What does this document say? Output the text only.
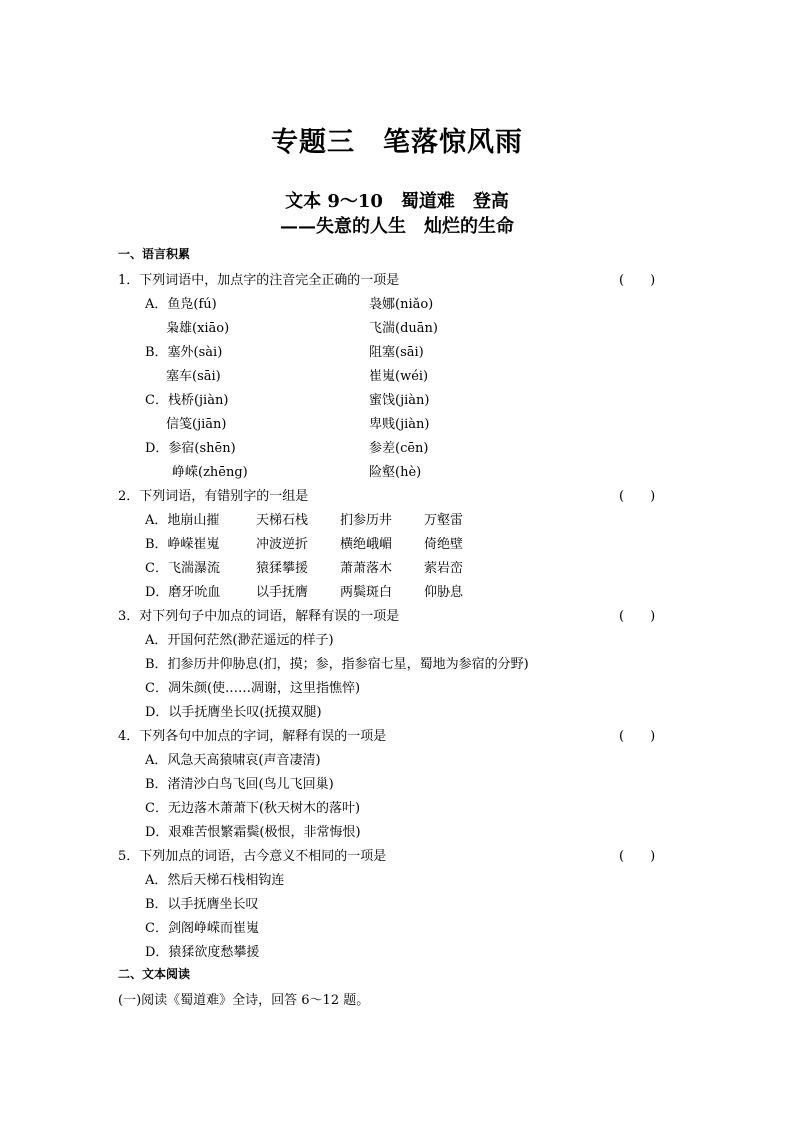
专题三　笔落惊风雨
文本 9～10　蜀道难　登高
——失意的人生　灿烂的生命
一、语言积累
1．下列词语中，加点字的注音完全正确的一项是	(　　)
A．鱼凫(fú)	袅娜(niǎo)
枭雄(xiāo)	飞湍(duān)
B．塞外(sài)	阻塞(sāi)
塞车(sāi)	崔嵬(wéi)
C．栈桥(jiàn)	蜜饯(jiàn)
信笺(jiān)	卑贱(jiàn)
D．参宿(shēn)	参差(cēn)
峥嵘(zhēng)	险壑(hè)
2．下列词语，有错别字的一组是	(　　)
A．地崩山摧	天梯石栈 扪参历井 万壑雷
B．峥嵘崔嵬	冲波逆折 横绝峨嵋 倚绝壁
C．飞湍瀑流	猿猱攀援 萧萧落木 萦岩峦
D．磨牙吮血	以手抚膺 两鬓斑白 仰胁息
3．对下列句子中加点的词语，解释有误的一项是	(　　)
A．开国何茫然(渺茫遥远的样子)
B．扪参历井仰胁息(扪，摸；参，指参宿七星，蜀地为参宿的分野)
C．凋朱颜(使……凋谢，这里指憔悴)
D．以手抚膺坐长叹(抚摸双腿)
4．下列各句中加点的字词，解释有误的一项是	(　　)
A．风急天高猿啸哀(声音凄清)
B．渚清沙白鸟飞回(鸟儿飞回巢)
C．无边落木萧萧下(秋天树木的落叶)
D．艰难苦恨繁霜鬓(极恨，非常悔恨)
5．下列加点的词语，古今意义不相同的一项是	(　　)
A．然后天梯石栈相钩连
B．以手抚膺坐长叹
C．剑阁峥嵘而崔嵬
D．猿猱欲度愁攀援
二、文本阅读
(一)阅读《蜀道难》全诗，回答 6～12 题。
